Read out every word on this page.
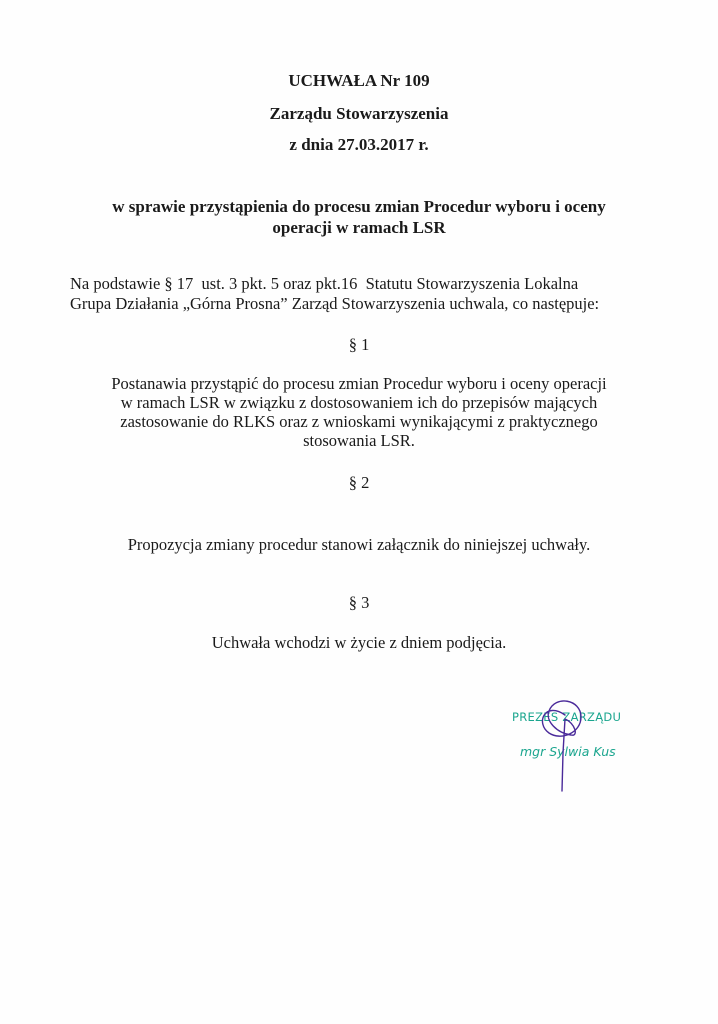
UCHWAŁA Nr 109
Zarządu Stowarzyszenia
z dnia 27.03.2017 r.
w sprawie przystąpienia do procesu zmian Procedur wyboru i oceny
operacji w ramach LSR
Na podstawie § 17  ust. 3 pkt. 5 oraz pkt.16  Statutu Stowarzyszenia Lokalna
Grupa Działania „Górna Prosna” Zarząd Stowarzyszenia uchwala, co następuje:
§ 1
Postanawia przystąpić do procesu zmian Procedur wyboru i oceny operacji
w ramach LSR w związku z dostosowaniem ich do przepisów mających
zastosowanie do RLKS oraz z wnioskami wynikającymi z praktycznego
stosowania LSR.
§ 2
Propozycja zmiany procedur stanowi załącznik do niniejszej uchwały.
§ 3
Uchwała wchodzi w życie z dniem podjęcia.
PREZES ZARZĄDU
mgr Sylwia Kus
